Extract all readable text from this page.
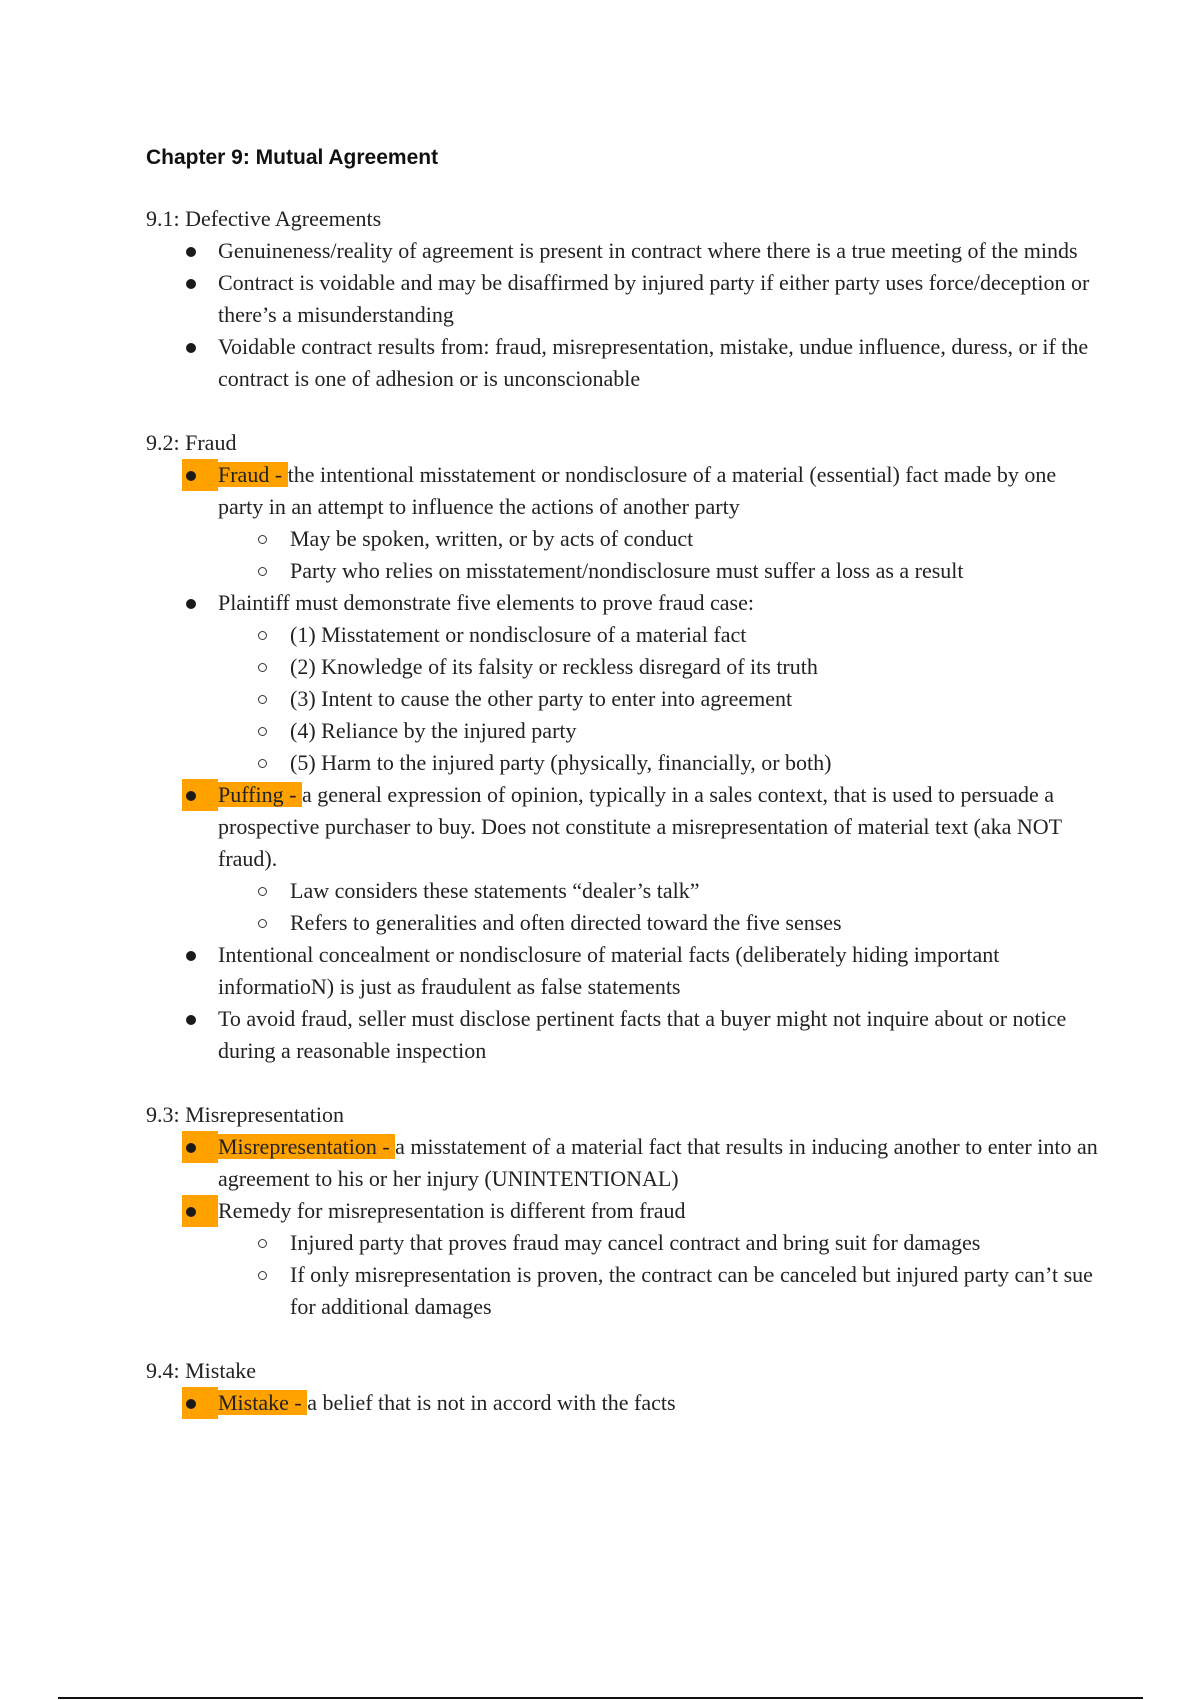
Chapter 9: Mutual Agreement

9.1: Defective Agreements

Genuineness/reality of agreement is present in contract where there is a true meeting of the minds
Contract is voidable and may be disaffirmed by injured party if either party uses force/deception or there’s a misunderstanding
Voidable contract results from: fraud, misrepresentation, mistake, undue influence, duress, or if the contract is one of adhesion or is unconscionable

9.2: Fraud

Fraud - the intentional misstatement or nondisclosure of a material (essential) fact made by one party in an attempt to influence the actions of another party
May be spoken, written, or by acts of conduct
Party who relies on misstatement/nondisclosure must suffer a loss as a result
Plaintiff must demonstrate five elements to prove fraud case:
(1) Misstatement or nondisclosure of a material fact
(2) Knowledge of its falsity or reckless disregard of its truth
(3) Intent to cause the other party to enter into agreement
(4) Reliance by the injured party
(5) Harm to the injured party (physically, financially, or both)
Puffing - a general expression of opinion, typically in a sales context, that is used to persuade a prospective purchaser to buy. Does not constitute a misrepresentation of material text (aka NOT fraud).
Law considers these statements “dealer’s talk”
Refers to generalities and often directed toward the five senses
Intentional concealment or nondisclosure of material facts (deliberately hiding important informatioN) is just as fraudulent as false statements
To avoid fraud, seller must disclose pertinent facts that a buyer might not inquire about or notice during a reasonable inspection

9.3: Misrepresentation

Misrepresentation - a misstatement of a material fact that results in inducing another to enter into an agreement to his or her injury (UNINTENTIONAL)
Remedy for misrepresentation is different from fraud
Injured party that proves fraud may cancel contract and bring suit for damages
If only misrepresentation is proven, the contract can be canceled but injured party can’t sue for additional damages

9.4: Mistake

Mistake - a belief that is not in accord with the facts
